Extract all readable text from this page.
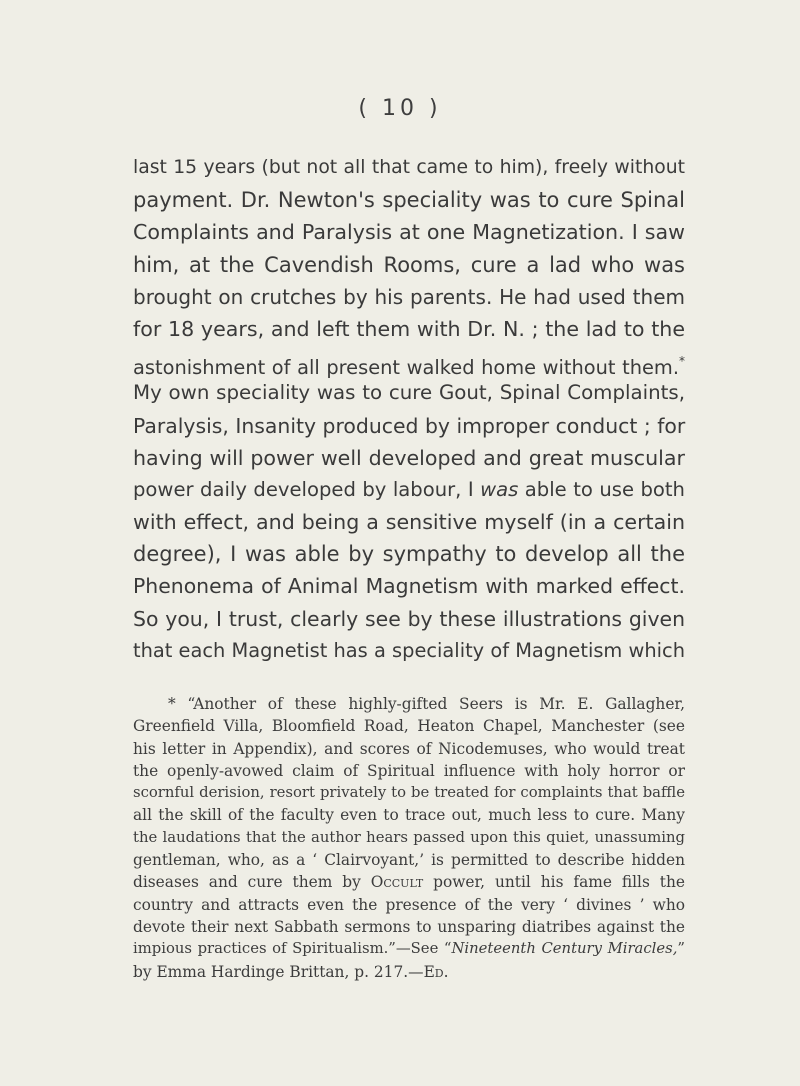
( 10 )
last 15 years (but not all that came to him), freely without
payment. Dr. Newton's speciality was to cure Spinal
Complaints and Paralysis at one Magnetization. I saw
him, at the Cavendish Rooms, cure a lad who was
brought on crutches by his parents. He had used them
for 18 years, and left them with Dr. N. ; the lad to the
astonishment of all present walked home without them.*
My own speciality was to cure Gout, Spinal Complaints,
Paralysis, Insanity produced by improper conduct ; for
having will power well developed and great muscular
power daily developed by labour, I was able to use both
with effect, and being a sensitive myself (in a certain
degree), I was able by sympathy to develop all the
Phenonema of Animal Magnetism with marked effect.
So you, I trust, clearly see by these illustrations given
that each Magnetist has a speciality of Magnetism which
* “Another of these highly-gifted Seers is Mr. E. Gallagher,
Greenfield Villa, Bloomfield Road, Heaton Chapel, Manchester (see
his letter in Appendix), and scores of Nicodemuses, who would treat
the openly-avowed claim of Spiritual influence with holy horror or
scornful derision, resort privately to be treated for complaints that baffle
all the skill of the faculty even to trace out, much less to cure. Many
the laudations that the author hears passed upon this quiet, unassuming
gentleman, who, as a ‘ Clairvoyant,’ is permitted to describe hidden
diseases and cure them by Occult power, until his fame fills the
country and attracts even the presence of the very ‘ divines ’ who
devote their next Sabbath sermons to unsparing diatribes against the
impious practices of Spiritualism.”—See “Nineteenth Century Miracles,”
by Emma Hardinge Brittan, p. 217.—Ed.
